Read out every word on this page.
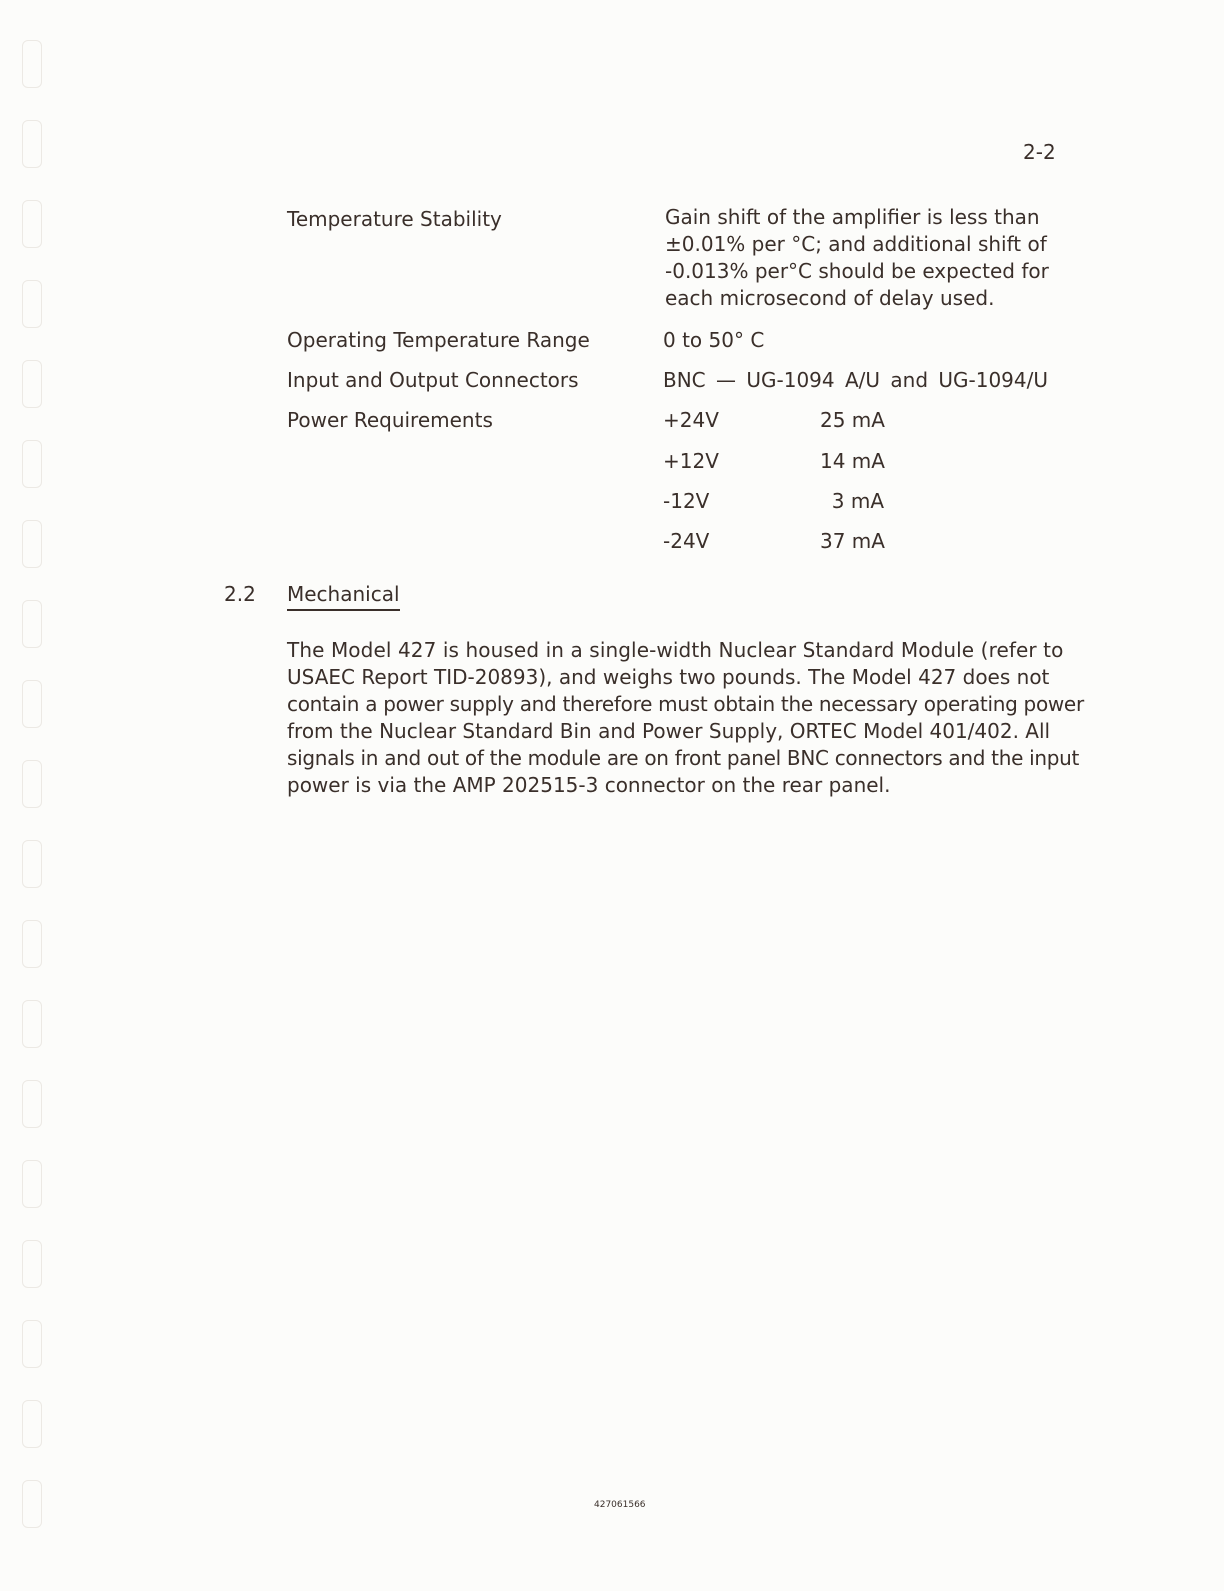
2-2
Temperature Stability	Gain shift of the amplifier is less than
±0.01% per °C; and additional shift of
-0.013% per°C should be expected for
each microsecond of delay used.
Operating Temperature Range	0 to 50° C
Input and Output Connectors	BNC — UG-1094 A/U and UG-1094/U
Power Requirements	+24V	25 mA
+12V	14 mA
-12V	3 mA
-24V	37 mA
2.2 Mechanical
The Model 427 is housed in a single-width Nuclear Standard Module (refer to
USAEC Report TID-20893), and weighs two pounds. The Model 427 does not
contain a power supply and therefore must obtain the necessary operating power
from the Nuclear Standard Bin and Power Supply, ORTEC Model 401/402. All
signals in and out of the module are on front panel BNC connectors and the input
power is via the AMP 202515-3 connector on the rear panel.
427061566
